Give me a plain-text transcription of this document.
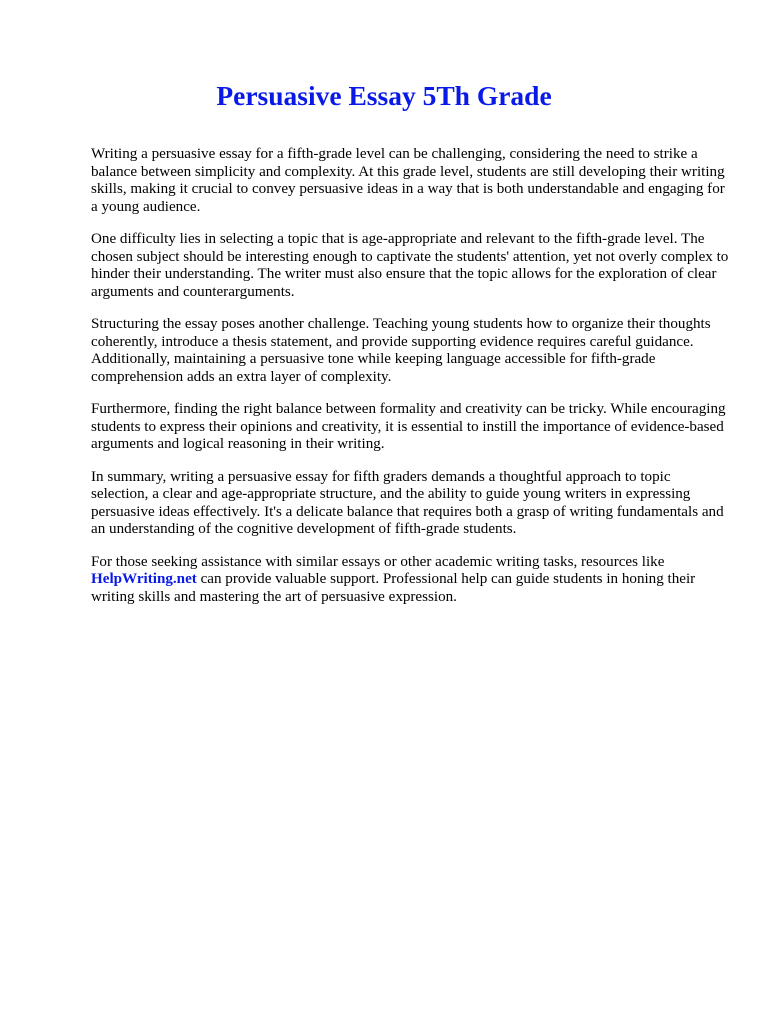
Persuasive Essay 5Th Grade

Writing a persuasive essay for a fifth-grade level can be challenging, considering the need to strike a balance between simplicity and complexity. At this grade level, students are still developing their writing skills, making it crucial to convey persuasive ideas in a way that is both understandable and engaging for a young audience.

One difficulty lies in selecting a topic that is age-appropriate and relevant to the fifth-grade level. The chosen subject should be interesting enough to captivate the students' attention, yet not overly complex to hinder their understanding. The writer must also ensure that the topic allows for the exploration of clear arguments and counterarguments.

Structuring the essay poses another challenge. Teaching young students how to organize their thoughts coherently, introduce a thesis statement, and provide supporting evidence requires careful guidance. Additionally, maintaining a persuasive tone while keeping language accessible for fifth-grade comprehension adds an extra layer of complexity.

Furthermore, finding the right balance between formality and creativity can be tricky. While encouraging students to express their opinions and creativity, it is essential to instill the importance of evidence-based arguments and logical reasoning in their writing.

In summary, writing a persuasive essay for fifth graders demands a thoughtful approach to topic selection, a clear and age-appropriate structure, and the ability to guide young writers in expressing persuasive ideas effectively. It's a delicate balance that requires both a grasp of writing fundamentals and an understanding of the cognitive development of fifth-grade students.

For those seeking assistance with similar essays or other academic writing tasks, resources like
HelpWriting.net can provide valuable support. Professional help can guide students in honing their writing skills and mastering the art of persuasive expression.
